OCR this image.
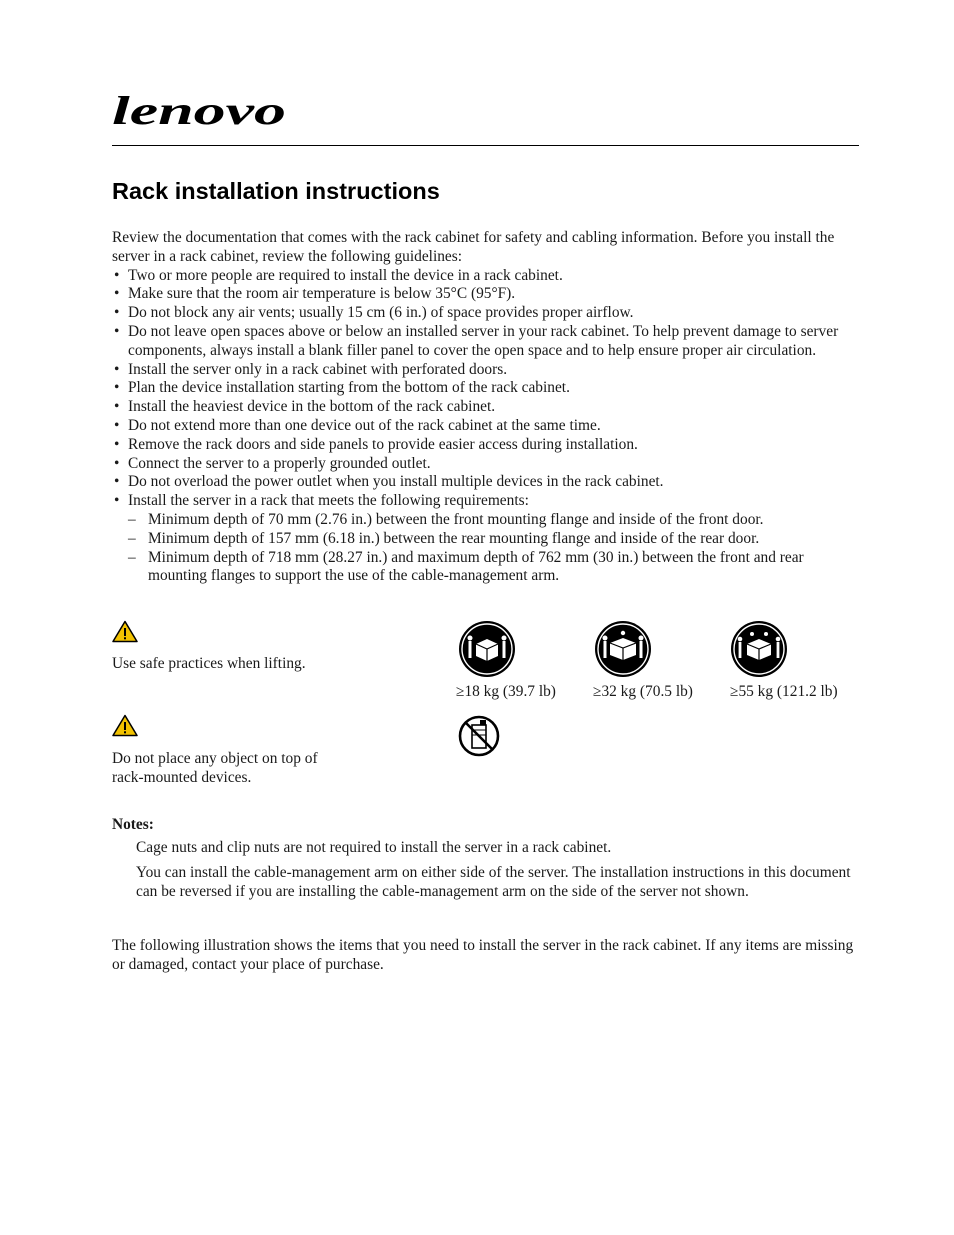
lenovo
Rack installation instructions

Review the documentation that comes with the rack cabinet for safety and cabling information. Before you install the server in a rack cabinet, review the following guidelines:

• Two or more people are required to install the device in a rack cabinet.
• Make sure that the room air temperature is below 35°C (95°F).
• Do not block any air vents; usually 15 cm (6 in.) of space provides proper airflow.
• Do not leave open spaces above or below an installed server in your rack cabinet. To help prevent damage to server components, always install a blank filler panel to cover the open space and to help ensure proper air circulation.
• Install the server only in a rack cabinet with perforated doors.
• Plan the device installation starting from the bottom of the rack cabinet.
• Install the heaviest device in the bottom of the rack cabinet.
• Do not extend more than one device out of the rack cabinet at the same time.
• Remove the rack doors and side panels to provide easier access during installation.
• Connect the server to a properly grounded outlet.
• Do not overload the power outlet when you install multiple devices in the rack cabinet.
• Install the server in a rack that meets the following requirements:
– Minimum depth of 70 mm (2.76 in.) between the front mounting flange and inside of the front door.
– Minimum depth of 157 mm (6.18 in.) between the rear mounting flange and inside of the rear door.
– Minimum depth of 718 mm (28.27 in.) and maximum depth of 762 mm (30 in.) between the front and rear mounting flanges to support the use of the cable-management arm.
Use safe practices when lifting.
≥18 kg (39.7 lb) ≥32 kg (70.5 lb) ≥55 kg (121.2 lb)
Do not place any object on top of
rack-mounted devices.

Notes:

Cage nuts and clip nuts are not required to install the server in a rack cabinet.

You can install the cable-management arm on either side of the server. The installation instructions in this document can be reversed if you are installing the cable-management arm on the side of the server not shown.

The following illustration shows the items that you need to install the server in the rack cabinet. If any items are missing or damaged, contact your place of purchase.
